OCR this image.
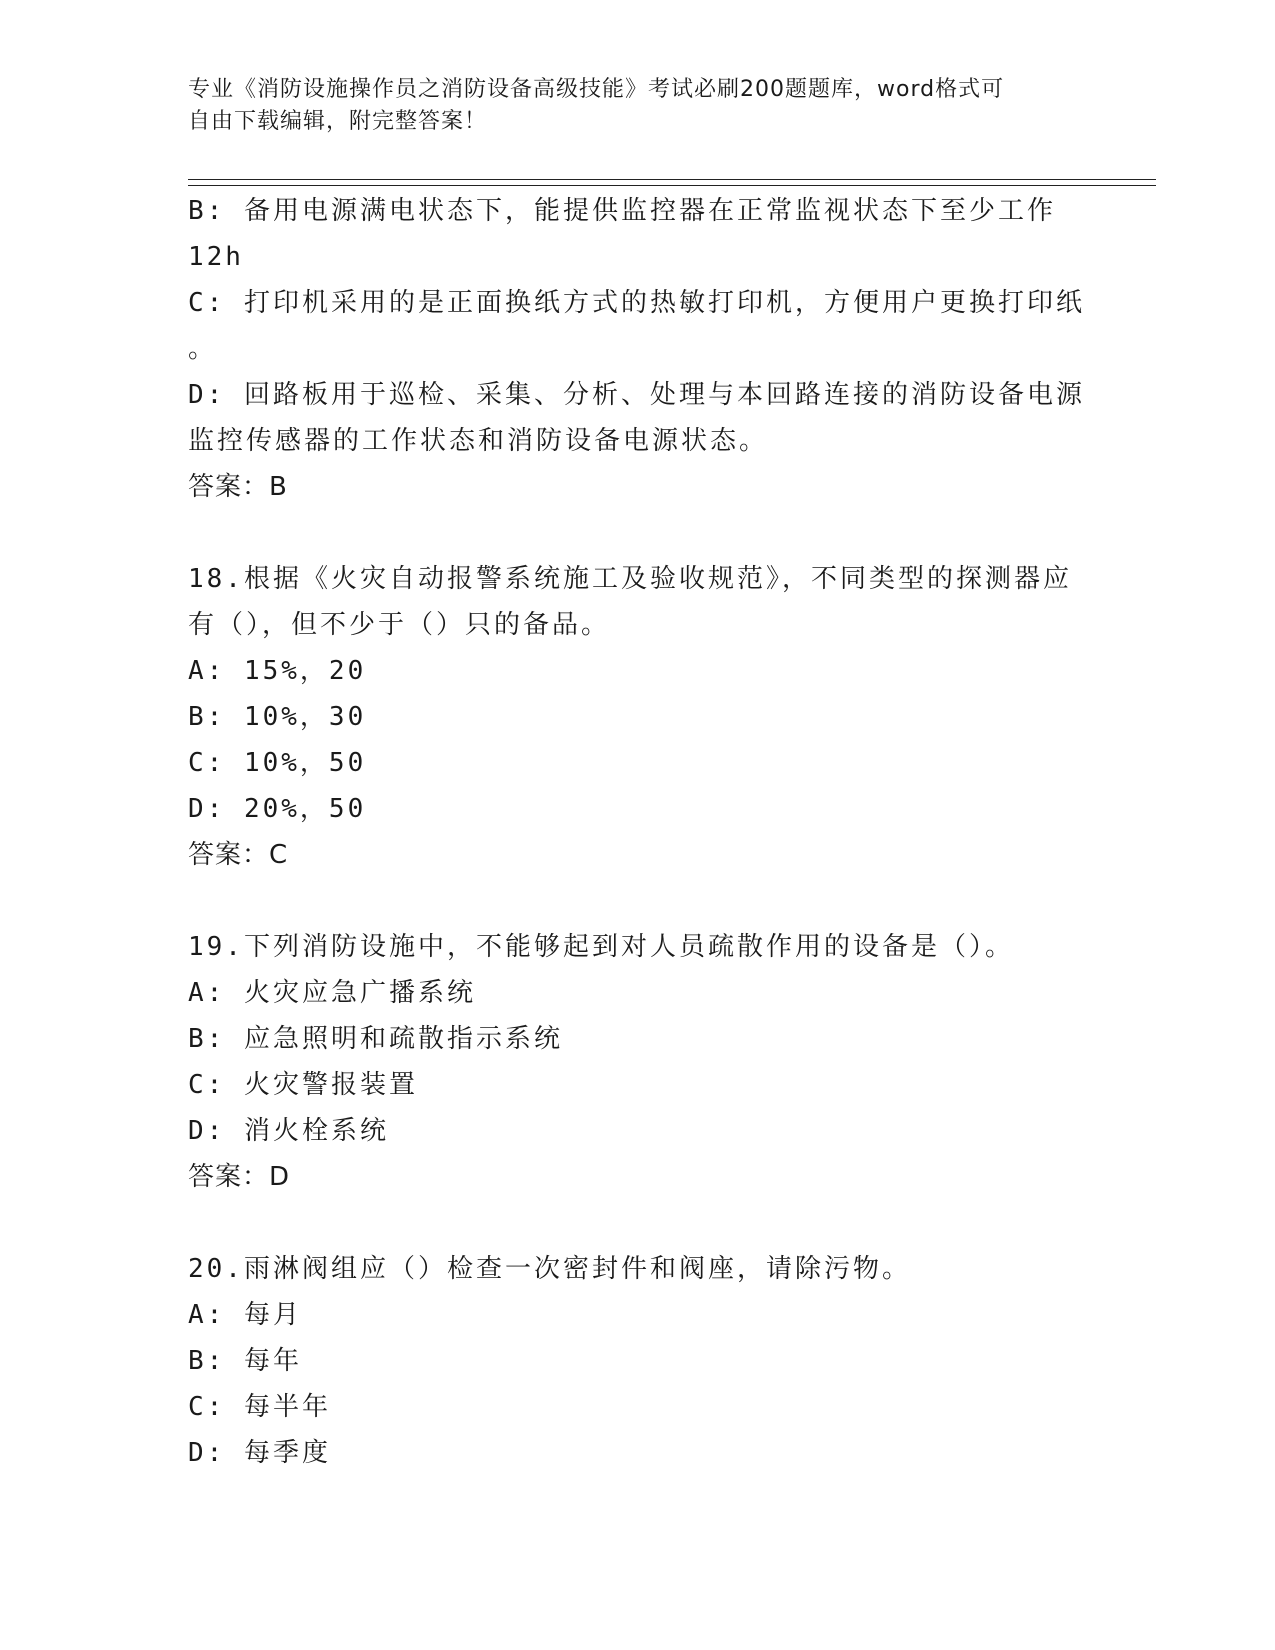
专业《消防设施操作员之消防设备高级技能》考试必刷200题题库，word格式可
自由下载编辑，附完整答案！
B: 备用电源满电状态下，能提供监控器在正常监视状态下至少工作
12h
C: 打印机采用的是正面换纸方式的热敏打印机，方便用户更换打印纸
。
D: 回路板用于巡检、采集、分析、处理与本回路连接的消防设备电源
监控传感器的工作状态和消防设备电源状态。
答案：B
18.根据《火灾自动报警系统施工及验收规范》，不同类型的探测器应
有（），但不少于（）只的备品。
A: 15%，20
B: 10%，30
C: 10%，50
D: 20%，50
答案：C
19.下列消防设施中，不能够起到对人员疏散作用的设备是（）。
A: 火灾应急广播系统
B: 应急照明和疏散指示系统
C: 火灾警报装置
D: 消火栓系统
答案：D
20.雨淋阀组应（）检查一次密封件和阀座，请除污物。
A: 每月
B: 每年
C: 每半年
D: 每季度
